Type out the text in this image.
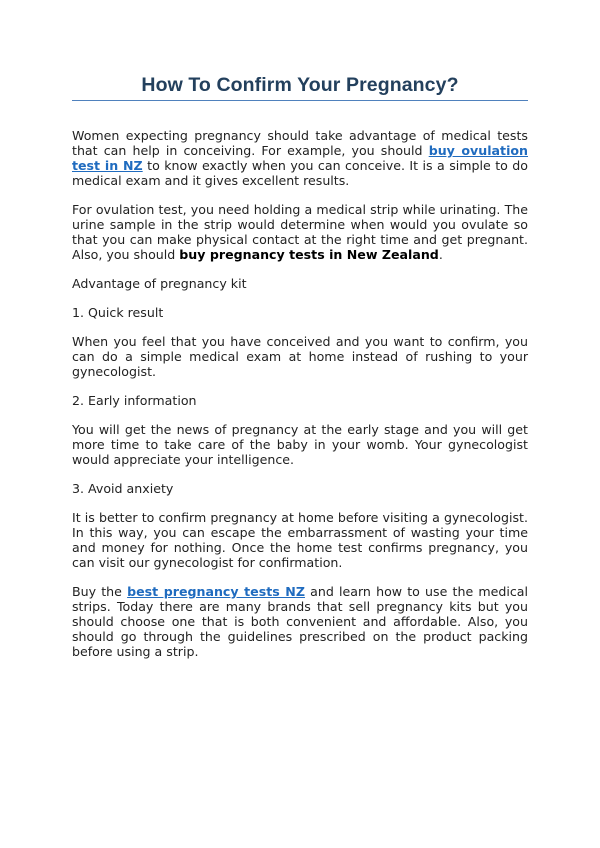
How To Confirm Your Pregnancy?

Women expecting pregnancy should take advantage of medical tests that can help in conceiving. For example, you should buy ovulation test in NZ to know exactly when you can conceive. It is a simple to do medical exam and it gives excellent results.

For ovulation test, you need holding a medical strip while urinating. The urine sample in the strip would determine when would you ovulate so that you can make physical contact at the right time and get pregnant. Also, you should buy pregnancy tests in New Zealand.

Advantage of pregnancy kit

1. Quick result

When you feel that you have conceived and you want to confirm, you can do a simple medical exam at home instead of rushing to your gynecologist.

2. Early information

You will get the news of pregnancy at the early stage and you will get more time to take care of the baby in your womb. Your gynecologist would appreciate your intelligence.

3. Avoid anxiety

It is better to confirm pregnancy at home before visiting a gynecologist. In this way, you can escape the embarrassment of wasting your time and money for nothing. Once the home test confirms pregnancy, you can visit our gynecologist for confirmation.

Buy the best pregnancy tests NZ and learn how to use the medical strips. Today there are many brands that sell pregnancy kits but you should choose one that is both convenient and affordable. Also, you should go through the guidelines prescribed on the product packing before using a strip.
